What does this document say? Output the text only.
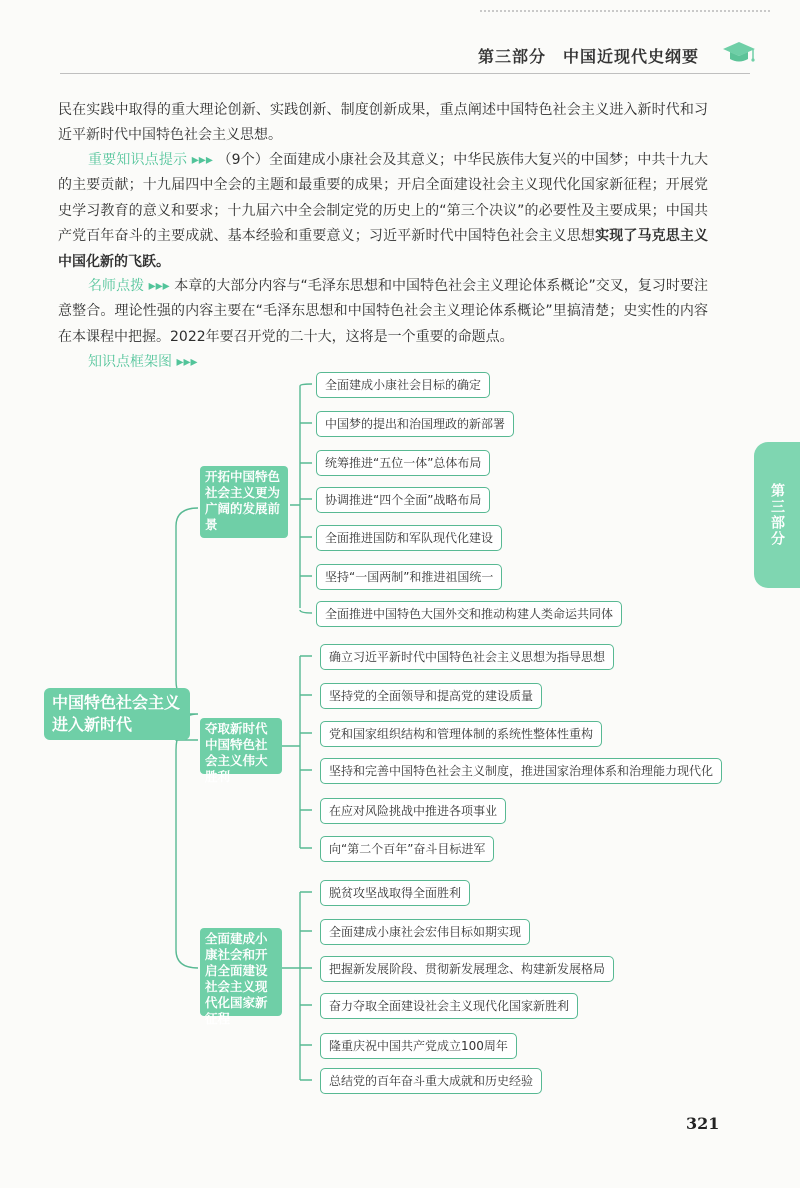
第三部分　中国近现代史纲要
民在实践中取得的重大理论创新、实践创新、制度创新成果，重点阐述中国特色社会主义进入新时代和习近平新时代中国特色社会主义思想。
重要知识点提示 ▸▸▸ （9个）全面建成小康社会及其意义；中华民族伟大复兴的中国梦；中共十九大的主要贡献；十九届四中全会的主题和最重要的成果；开启全面建设社会主义现代化国家新征程；开展党史学习教育的意义和要求；十九届六中全会制定党的历史上的“第三个决议”的必要性及主要成果；中国共产党百年奋斗的主要成就、基本经验和重要意义；习近平新时代中国特色社会主义思想实现了马克思主义中国化新的飞跃。
名师点拨 ▸▸▸ 本章的大部分内容与“毛泽东思想和中国特色社会主义理论体系概论”交叉，复习时要注意整合。理论性强的内容主要在“毛泽东思想和中国特色社会主义理论体系概论”里搞清楚；史实性的内容在本课程中把握。2022年要召开党的二十大，这将是一个重要的命题点。
知识点框架图 ▸▸▸
第三部分
中国特色社会主义进入新时代
开拓中国特色社会主义更为广阔的发展前景
夺取新时代中国特色社会主义伟大胜利
全面建成小康社会和开启全面建设社会主义现代化国家新征程
全面建成小康社会目标的确定
中国梦的提出和治国理政的新部署
统筹推进“五位一体”总体布局
协调推进“四个全面”战略布局
全面推进国防和军队现代化建设
坚持“一国两制”和推进祖国统一
全面推进中国特色大国外交和推动构建人类命运共同体
确立习近平新时代中国特色社会主义思想为指导思想
坚持党的全面领导和提高党的建设质量
党和国家组织结构和管理体制的系统性整体性重构
坚持和完善中国特色社会主义制度，推进国家治理体系和治理能力现代化
在应对风险挑战中推进各项事业
向“第二个百年”奋斗目标进军
脱贫攻坚战取得全面胜利
全面建成小康社会宏伟目标如期实现
把握新发展阶段、贯彻新发展理念、构建新发展格局
奋力夺取全面建设社会主义现代化国家新胜利
隆重庆祝中国共产党成立100周年
总结党的百年奋斗重大成就和历史经验
321
